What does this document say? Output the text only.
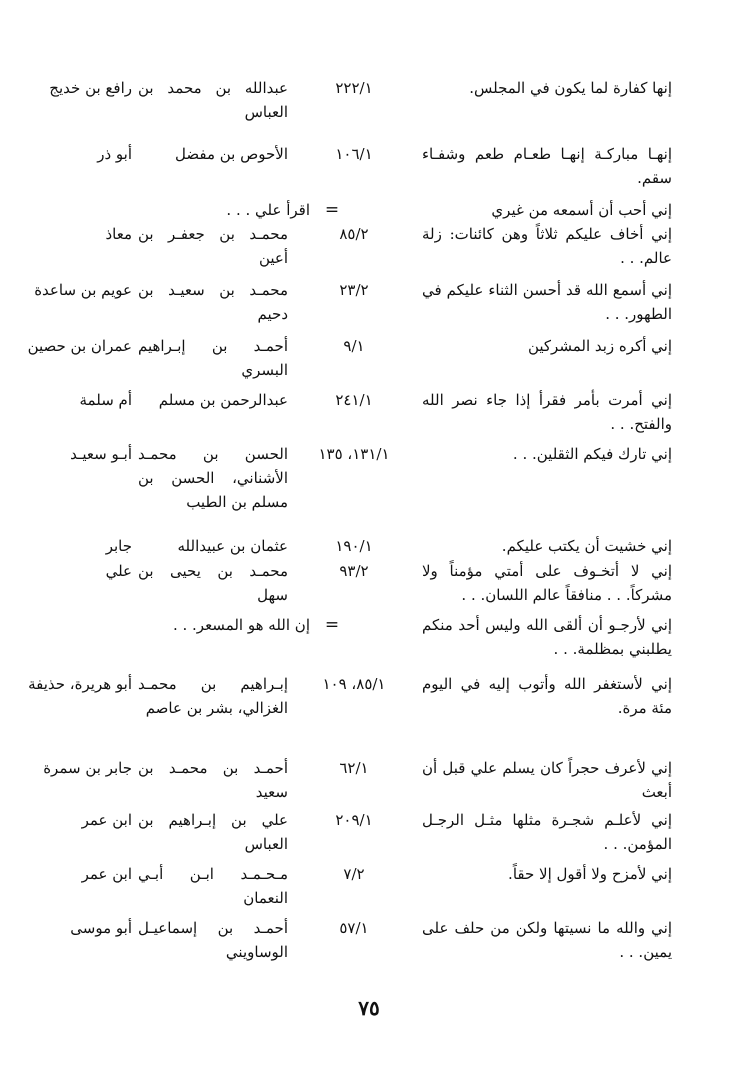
إنها كفارة لما يكون في المجلس.
٢٢٢/١
عبدالله بن محمد بن العباس
رافع بن خديج
إنهـا مباركـة إنهـا طعـام طعم وشفـاء سقم.
١٠٦/١
الأحوص بن مفضل
أبو ذر
إني أحب أن أسمعه من غيري
=
اقرأ علي . . .
إني أخاف عليكم ثلاثاً وهن كائنات: زلة عالم. . .
٨٥/٢
محمـد بن جعفـر بن أعين
معاذ
إني أسمع الله قد أحسن الثناء عليكم في الطهور. . .
٢٣/٢
محمـد بن سعيـد بن دحيم
عويم بن ساعدة
إني أكره زبد المشركين
٩/١
أحمـد بن إبـراهيم البسري
عمران بن حصين
إني أمرت بأمر فقرأ إذا جاء نصر الله والفتح. . .
٢٤١/١
عبدالرحمن بن مسلم
أم سلمة
إني تارك فيكم الثقلين. . .
١٣١/١، ١٣٥
الحسن بن محمـد الأشناني، الحسن بن مسلم بن الطيب
أبـو سعيـد
إني خشيت أن يكتب عليكم.
١٩٠/١
عثمان بن عبيدالله
جابر
إني لا أتخـوف على أمتي مؤمناً ولا مشركاً. . . منافقاً عالم اللسان. . .
٩٣/٢
محمـد بن يحيى بن سهل
علي
إني لأرجـو أن ألقى الله وليس أحد منكم يطلبني بمظلمة. . .
=
إن الله هو المسعر. . .
إني لأستغفر الله وأتوب إليه في اليوم مئة مرة.
٨٥/١، ١٠٩
إبـراهيم بن محمـد الغزالي، بشر بن عاصم
أبو هريرة، حذيفة
إني لأعرف حجراً كان يسلم علي قبل أن أبعث
٦٢/١
أحمـد بن محمـد بن سعيد
جابر بن سمرة
إني لأعلـم شجـرة مثلها مثـل الرجـل المؤمن. . .
٢٠٩/١
علي بن إبـراهيم بن العباس
ابن عمر
إني لأمزح ولا أقول إلا حقاً.
٧/٢
مـحـمـد ابـن أبـي النعمان
ابن عمر
إني والله ما نسيتها ولكن من حلف على يمين. . .
٥٧/١
أحمـد بن إسماعيـل الوساويني
أبو موسى
٧٥
